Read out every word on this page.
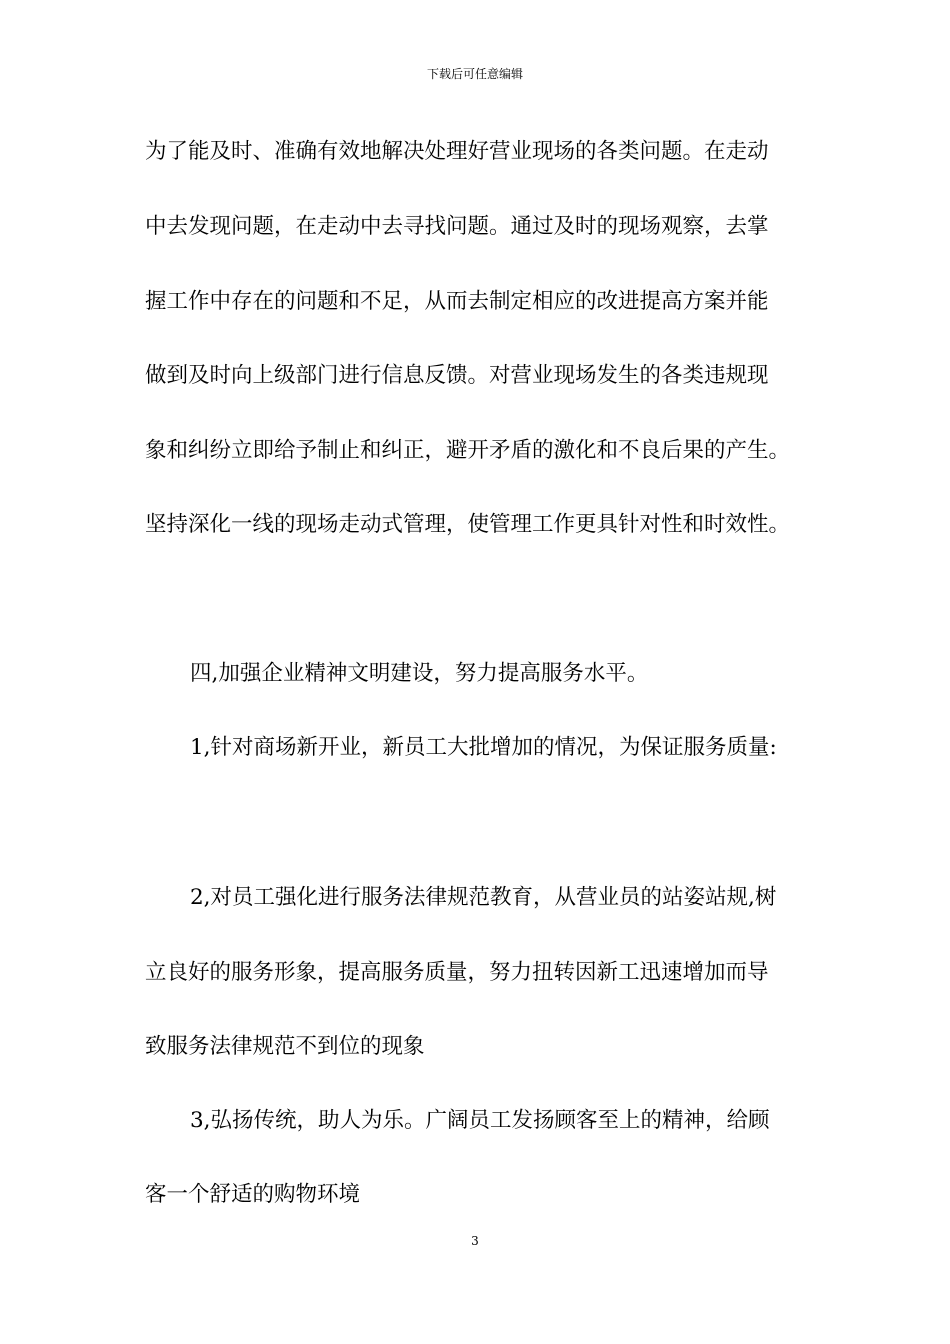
下载后可任意编辑
为了能及时、准确有效地解决处理好营业现场的各类问题。在走动
中去发现问题，在走动中去寻找问题。通过及时的现场观察，去掌
握工作中存在的问题和不足，从而去制定相应的改进提高方案并能
做到及时向上级部门进行信息反馈。对营业现场发生的各类违规现
象和纠纷立即给予制止和纠正，避开矛盾的激化和不良后果的产生。
坚持深化一线的现场走动式管理，使管理工作更具针对性和时效性。
四,加强企业精神文明建设，努力提高服务水平。
1,针对商场新开业，新员工大批增加的情况，为保证服务质量:
2,对员工强化进行服务法律规范教育，从营业员的站姿站规,树
立良好的服务形象，提高服务质量，努力扭转因新工迅速增加而导
致服务法律规范不到位的现象
3,弘扬传统，助人为乐。广阔员工发扬顾客至上的精神，给顾
客一个舒适的购物环境
3
